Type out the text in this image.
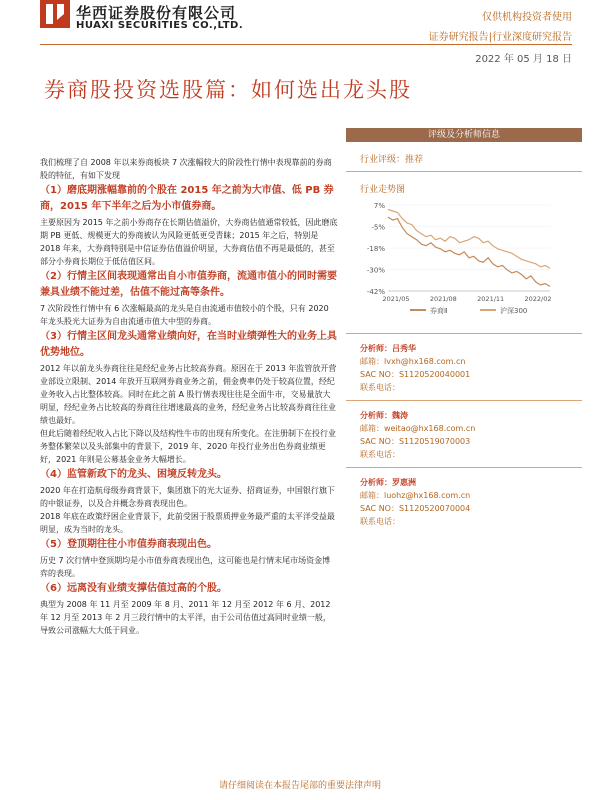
华西证券股份有限公司
HUAXI SECURITIES CO.,LTD.
仅供机构投资者使用
证券研究报告|行业深度研究报告
2022 年 05 月 18 日
券商股投资选股篇：如何选出龙头股

我们梳理了自 2008 年以来券商板块 7 次涨幅较大的阶段性行情中表现靠前的券商股的特征，有如下发现

（1）磨底期涨幅靠前的个股在 2015 年之前为大市值、低 PB 券商，2015 年下半年之后为小市值券商。

主要原因为 2015 年之前小券商存在长期估值溢价，大券商估值通常较低，因此磨底期 PB 更低、规模更大的券商被认为风险更低更受青睐；2015 年之后，特别是 2018 年来，大券商特别是中信证券估值溢价明显，大券商估值不再是最低的，甚至部分小券商长期位于低估值区间。

（2）行情主区间表现通常出自小市值券商，流通市值小的同时需要兼具业绩不能过差，估值不能过高等条件。

7 次阶段性行情中有 6 次涨幅最高的龙头是自由流通市值较小的个股，只有 2020 年龙头股光大证券为自由流通市值大中型的券商。

（3）行情主区间龙头通常业绩向好，在当时业绩弹性大的业务上具优势地位。

2012 年以前龙头券商往往是经纪业务占比较高券商。原因在于 2013 年监管放开营业部设立限制、2014 年放开互联网券商业务之前，佣金费率仍处于较高位置，经纪业务收入占比整体较高。同时在此之前 A 股行情表现往往是全面牛市，交易量放大明显，经纪业务占比较高的券商往往增速最高的业务，经纪业务占比较高券商往往业绩也最好。

但此后随着经纪收入占比下降以及结构性牛市的出现有所变化。在注册制下在投行业务整体繁荣以及头部集中的背景下，2019 年、2020 年投行业务出色券商业绩更好，2021 年则是公募基金业务大幅增长。

（4）监管新政下的龙头、困境反转龙头。

2020 年在打造航母级券商背景下，集团旗下的光大证券、招商证券，中国银行旗下的中银证券，以及合并概念券商表现出色。

2018 年底在政策纾困企业背景下，此前受困于股票质押业务最严重的太平洋受益最明显，成为当时的龙头。

（5）登顶期往往小市值券商表现出色。

历史 7 次行情中登顶期均是小市值券商表现出色，这可能也是行情末尾市场资金博弈的表现。

（6）远离没有业绩支撑估值过高的个股。

典型为 2008 年 11 月至 2009 年 8 月、2011 年 12 月至 2012 年 6 月、2012 年 12 月至 2013 年 2 月三段行情中的太平洋，由于公司估值过高同时业绩一般，导致公司涨幅大大低于同业。

评级及分析师信息
行业评级：推荐
行业走势图
7%
-5%
-18%
-30%
-42%
2021/05	2021/08	2021/11	2022/02
券商Ⅱ	沪深300
分析师：吕秀华
邮箱：lvxh@hx168.com.cn
SAC NO：S1120520040001
联系电话：
分析师：魏涛
邮箱：weitao@hx168.com.cn
SAC NO：S1120519070003
联系电话：
分析师：罗惠洲
邮箱：luohz@hx168.com.cn
SAC NO：S1120520070004
联系电话：
请仔细阅读在本报告尾部的重要法律声明
